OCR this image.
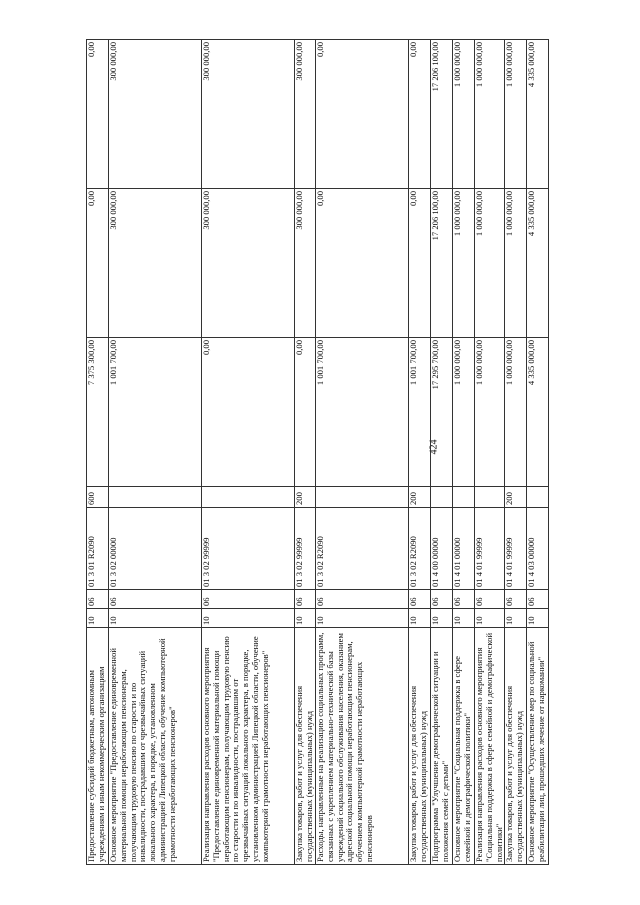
424
Предоставление субсидий бюджетным, автономным учреждениям и иным некоммерческим организациям	10	06	01 3 01 R2090	600	7 375 300,00	0,00	0,00
Основное мероприятие "Предоставление единовременной материальной помощи неработающим пенсионерам, получающим трудовую пенсию по старости и по инвалидности, пострадавшим от чрезвычайных ситуаций локального характера, в порядке, установленном администрацией Липецкой области, обучение компьютерной грамотности неработающих пенсионеров"	10	06	01 3 02 00000		1 001 700,00	300 000,00	300 000,00
Реализация направления расходов основного мероприятия "Предоставление единовременной материальной помощи неработающим пенсионерам, получающим трудовую пенсию по старости и по инвалидности, пострадавшим от чрезвычайных ситуаций локального характера, в порядке, установленном администрацией Липецкой области, обучение компьютерной грамотности неработающих пенсионеров"	10	06	01 3 02 99999		0,00	300 000,00	300 000,00
Закупка товаров, работ и услуг для обеспечения государственных (муниципальных) нужд	10	06	01 3 02 99999	200	0,00	300 000,00	300 000,00
Расходы, направленные на реализацию социальных программ, связанных с укреплением материально-технической базы учреждений социального обслуживания населения, оказанием адресной социальной помощи неработающим пенсионерам, обучением компьютерной грамотности неработающих пенсионеров	10	06	01 3 02 R2090		1 001 700,00	0,00	0,00
Закупка товаров, работ и услуг для обеспечения государственных (муниципальных) нужд	10	06	01 3 02 R2090	200	1 001 700,00	0,00	0,00
Подпрограмма "Улучшение демографической ситуации и положения семей с детьми"	10	06	01 4 00 00000		17 295 700,00	17 206 100,00	17 206 100,00
Основное мероприятие "Социальная поддержка в сфере семейной и демографической политики"	10	06	01 4 01 00000		1 000 000,00	1 000 000,00	1 000 000,00
Реализация направления расходов основного мероприятия "Социальная поддержка в сфере семейной и демографической политики"	10	06	01 4 01 99999		1 000 000,00	1 000 000,00	1 000 000,00
Закупка товаров, работ и услуг для обеспечения государственных (муниципальных) нужд	10	06	01 4 01 99999	200	1 000 000,00	1 000 000,00	1 000 000,00
Основное мероприятие "Осуществление мер по социальной реабилитации лиц, прошедших лечение от наркомании"	10	06	01 4 03 00000		4 335 000,00	4 335 000,00	4 335 000,00
